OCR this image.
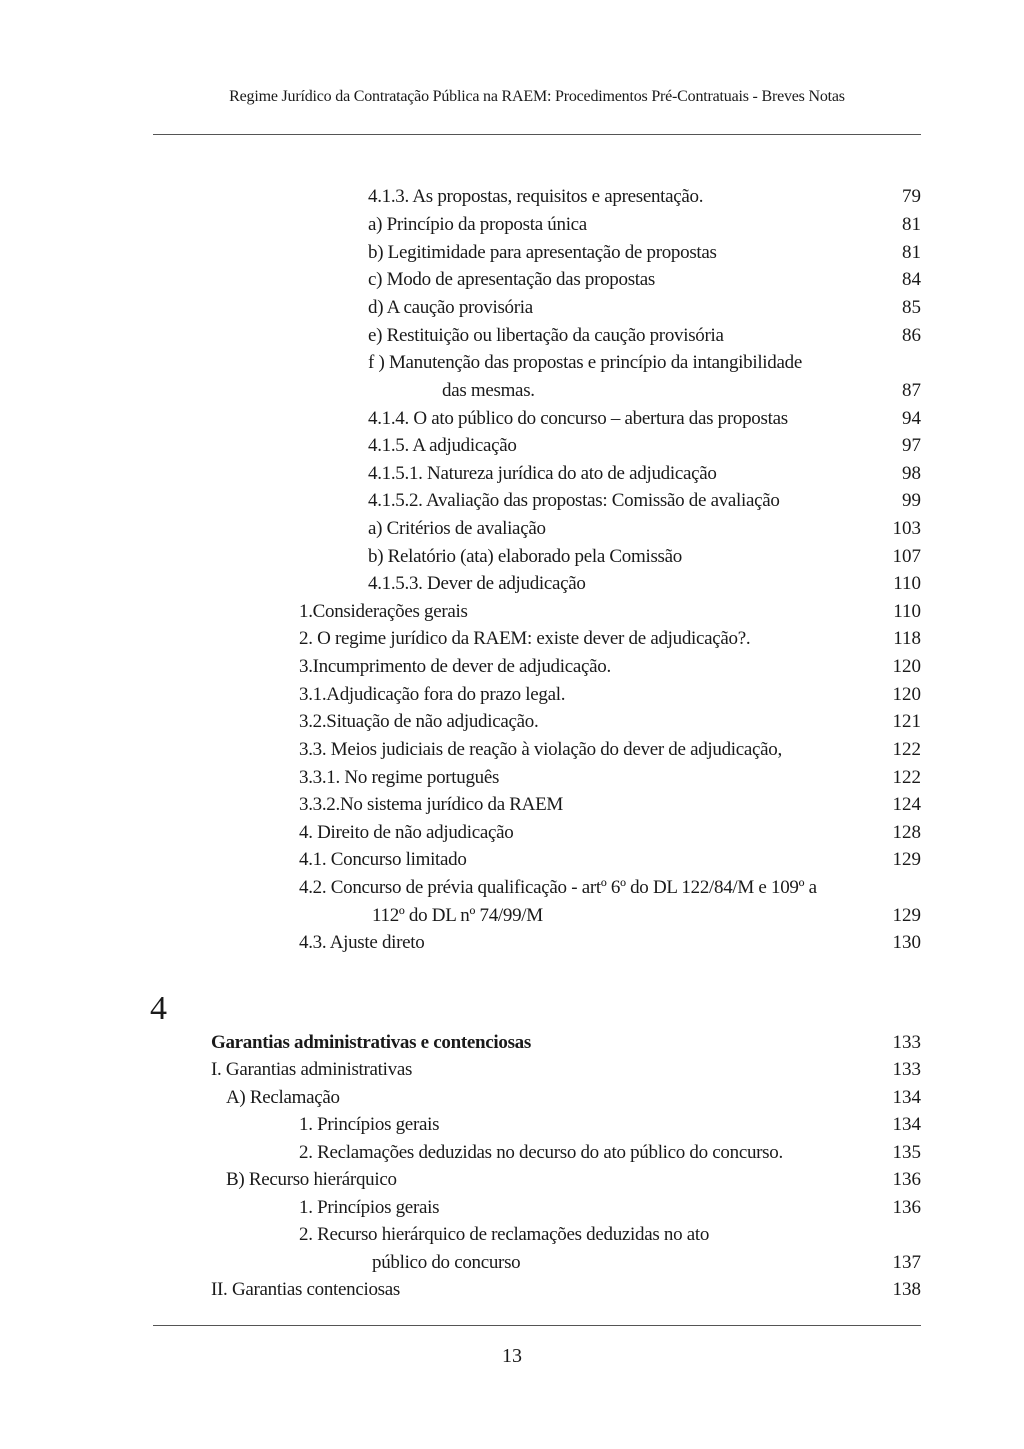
Regime Jurídico da Contratação Pública na RAEM: Procedimentos Pré-Contratuais - Breves Notas
4.1.3. As propostas, requisitos e apresentação.	79
a) Princípio da proposta única	81
b) Legitimidade para apresentação de propostas	81
c) Modo de apresentação das propostas	84
d) A caução provisória	85
e) Restituição ou libertação da caução provisória	86
f ) Manutenção das propostas e princípio da intangibilidade
das mesmas.	87
4.1.4. O ato público do concurso – abertura das propostas	94
4.1.5. A adjudicação	97
4.1.5.1. Natureza jurídica do ato de adjudicação	98
4.1.5.2. Avaliação das propostas: Comissão de avaliação	99
a) Critérios de avaliação	103
b) Relatório (ata) elaborado pela Comissão	107
4.1.5.3. Dever de adjudicação	110
1.Considerações gerais	110
2. O regime jurídico da RAEM: existe dever de adjudicação?.	118
3.Incumprimento de dever de adjudicação.	120
3.1.Adjudicação fora do prazo legal.	120
3.2.Situação de não adjudicação.	121
3.3. Meios judiciais de reação à violação do dever de adjudicação,	122
3.3.1. No regime português	122
3.3.2.No sistema jurídico da RAEM	124
4. Direito de não adjudicação	128
4.1. Concurso limitado	129
4.2. Concurso de prévia qualificação - artº 6º do DL 122/84/M e 109º a
112º do DL nº 74/99/M	129
4.3. Ajuste direto	130
4
Garantias administrativas e contenciosas	133
I. Garantias administrativas	133
A) Reclamação	134
1. Princípios gerais	134
2. Reclamações deduzidas no decurso do ato público do concurso.	135
B) Recurso hierárquico	136
1. Princípios gerais	136
2. Recurso hierárquico de reclamações deduzidas no ato
público do concurso	137
II. Garantias contenciosas	138
13
